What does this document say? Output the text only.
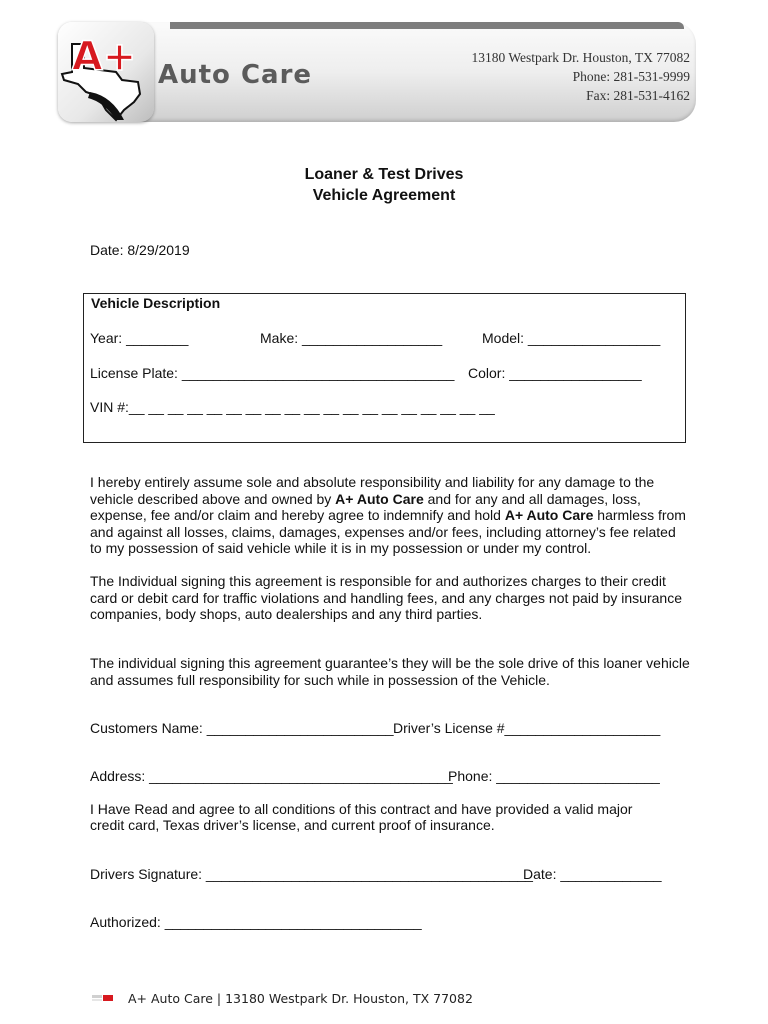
A+ Auto Care
13180 Westpark Dr. Houston, TX 77082
Phone: 281-531-9999
Fax: 281-531-4162
Loaner & Test Drives
Vehicle Agreement
Date: 8/29/2019
Vehicle Description
Year: ________	Make: __________________	Model: _________________
License Plate: ___________________________________ Color: _________________
VIN #:__ __ __ __ __ __ __ __ __ __ __ __ __ __ __ __ __ __ __

I hereby entirely assume sole and absolute responsibility and liability for any damage to the vehicle described above and owned by A+ Auto Care and for any and all damages, loss, expense, fee and/or claim and hereby agree to indemnify and hold A+ Auto Care harmless from and against all losses, claims, damages, expenses and/or fees, including attorney’s fee related to my possession of said vehicle while it is in my possession or under my control.

The Individual signing this agreement is responsible for and authorizes charges to their credit card or debit card for traffic violations and handling fees, and any charges not paid by insurance companies, body shops, auto dealerships and any third parties.
The individual signing this agreement guarantee’s they will be the sole drive of this loaner vehicle and assumes full responsibility for such while in possession of the Vehicle.
Customers Name: ________________________ Driver’s License #____________________
Address: _______________________________________
Phone: _____________________
I Have Read and agree to all conditions of this contract and have provided a valid major
credit card, Texas driver’s license, and current proof of insurance.
Drivers Signature: __________________________________________
Date: _____________
Authorized: _________________________________
A+ Auto Care | 13180 Westpark Dr. Houston, TX 77082
